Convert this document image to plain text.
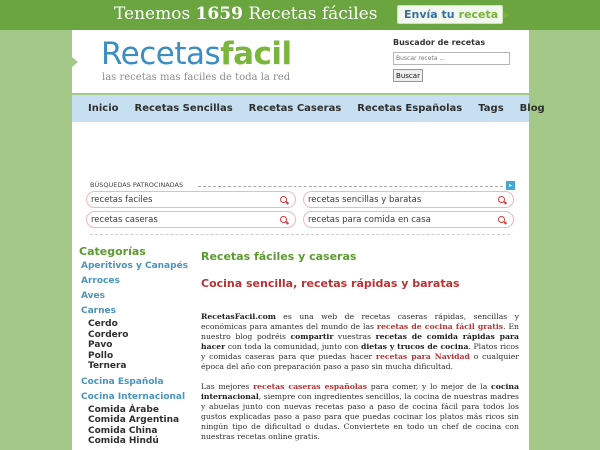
Tenemos 1659 Recetas fáciles Envía tu receta
Recetasfacil
las recetas mas faciles de toda la red
Buscador de recetas
Buscar receta ...
Buscar
Inicio Recetas Sencillas Recetas Caseras Recetas Españolas Tags Blog
BÚSQUEDAS PATROCINADAS	▸
recetas faciles	recetas sencillas y baratas
recetas caseras	recetas para comida en casa
Categorías
Aperitivos y Canapés
Arroces
Aves
Carnes
Cerdo
Cordero
Pavo
Pollo
Ternera
Cocina Española
Cocina Internacional
Comida Árabe
Comida Argentina
Comida China
Comida Hindú
Recetas fáciles y caseras
Cocina sencilla, recetas rápidas y baratas

RecetasFacil.com es una web de recetas caseras rápidas, sencillas y económicas para amantes del mundo de las recetas de cocina fácil gratis. En nuestro blog podréis compartir vuestras recetas de comida rápidas para hacer con toda la comunidad, junto con dietas y trucos de cocina. Platos ricos y comidas caseras para que puedas hacer recetas para Navidad o cualquier época del año con preparación paso a paso sin mucha dificultad.

Las mejores recetas caseras españolas para comer, y lo mejor de la cocina internacional, siempre con ingredientes sencillos, la cocina de nuestras madres y abuelas junto con nuevas recetas paso a paso de cocina fácil para todos los gustos explicadas paso a paso para que puedas cocinar los platos más ricos sin ningún tipo de dificultad o dudas. Conviertete en todo un chef de cocina con nuestras recetas online gratis.
